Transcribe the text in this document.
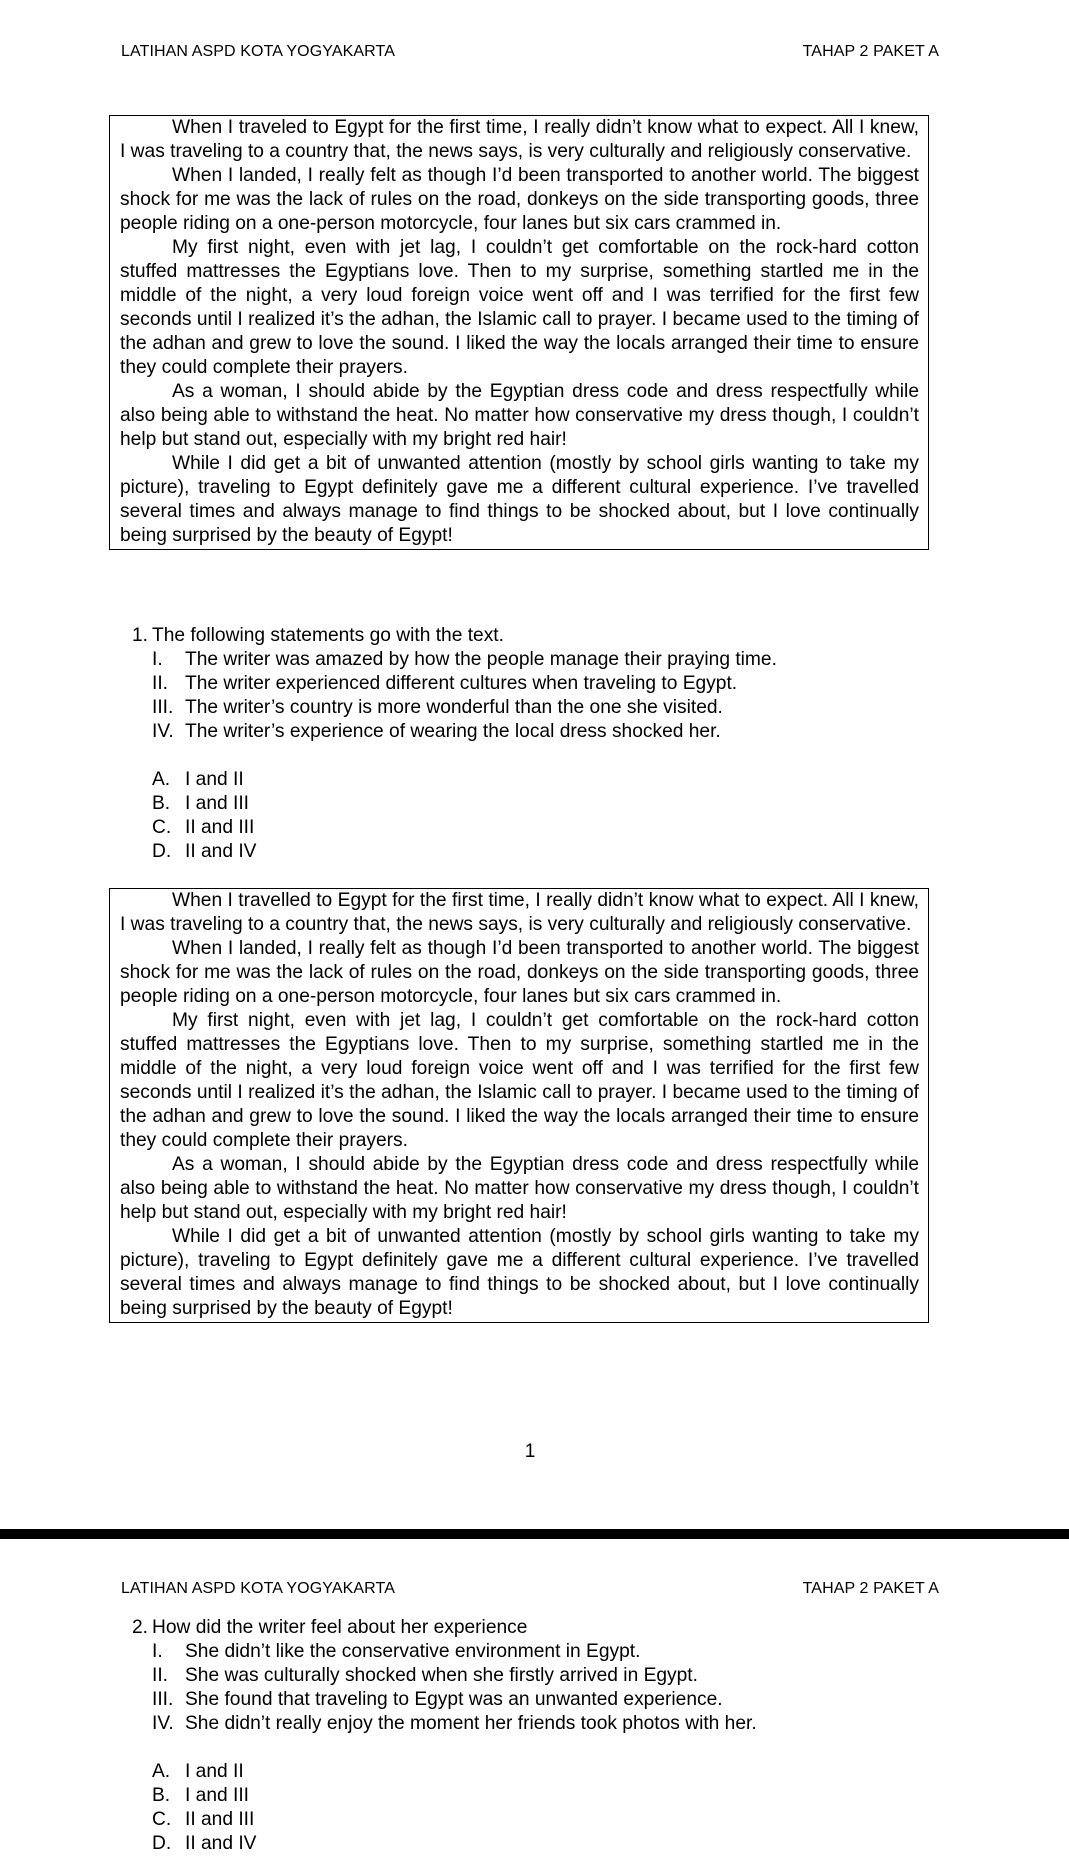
LATIHAN ASPD KOTA YOGYAKARTA	TAHAP 2 PAKET A

When I traveled to Egypt for the first time, I really didn’t know what to expect. All I knew, I was traveling to a country that, the news says, is very culturally and religiously conservative.

When I landed, I really felt as though I’d been transported to another world. The biggest shock for me was the lack of rules on the road, donkeys on the side transporting goods, three people riding on a one-person motorcycle, four lanes but six cars crammed in.

My first night, even with jet lag, I couldn’t get comfortable on the rock-hard cotton stuffed mattresses the Egyptians love. Then to my surprise, something startled me in the middle of the night, a very loud foreign voice went off and I was terrified for the first few seconds until I realized it’s the adhan, the Islamic call to prayer. I became used to the timing of the adhan and grew to love the sound. I liked the way the locals arranged their time to ensure they could complete their prayers.

As a woman, I should abide by the Egyptian dress code and dress respectfully while also being able to withstand the heat. No matter how conservative my dress though, I couldn’t help but stand out, especially with my bright red hair!

While I did get a bit of unwanted attention (mostly by school girls wanting to take my picture), traveling to Egypt definitely gave me a different cultural experience. I’ve travelled several times and always manage to find things to be shocked about, but I love continually being surprised by the beauty of Egypt!

1. The following statements go with the text.
I. The writer was amazed by how the people manage their praying time.
II. The writer experienced different cultures when traveling to Egypt.
III. The writer’s country is more wonderful than the one she visited.
IV. The writer’s experience of wearing the local dress shocked her.
A. I and II
B. I and III
C. II and III
D. II and IV

When I travelled to Egypt for the first time, I really didn’t know what to expect. All I knew, I was traveling to a country that, the news says, is very culturally and religiously conservative.

When I landed, I really felt as though I’d been transported to another world. The biggest shock for me was the lack of rules on the road, donkeys on the side transporting goods, three people riding on a one-person motorcycle, four lanes but six cars crammed in.

My first night, even with jet lag, I couldn’t get comfortable on the rock-hard cotton stuffed mattresses the Egyptians love. Then to my surprise, something startled me in the middle of the night, a very loud foreign voice went off and I was terrified for the first few seconds until I realized it’s the adhan, the Islamic call to prayer. I became used to the timing of the adhan and grew to love the sound. I liked the way the locals arranged their time to ensure they could complete their prayers.

As a woman, I should abide by the Egyptian dress code and dress respectfully while also being able to withstand the heat. No matter how conservative my dress though, I couldn’t help but stand out, especially with my bright red hair!

While I did get a bit of unwanted attention (mostly by school girls wanting to take my picture), traveling to Egypt definitely gave me a different cultural experience. I’ve travelled several times and always manage to find things to be shocked about, but I love continually being surprised by the beauty of Egypt!

1
LATIHAN ASPD KOTA YOGYAKARTA	TAHAP 2 PAKET A
2. How did the writer feel about her experience
I. She didn’t like the conservative environment in Egypt.
II. She was culturally shocked when she firstly arrived in Egypt.
III. She found that traveling to Egypt was an unwanted experience.
IV. She didn’t really enjoy the moment her friends took photos with her.
A. I and II
B. I and III
C. II and III
D. II and IV
